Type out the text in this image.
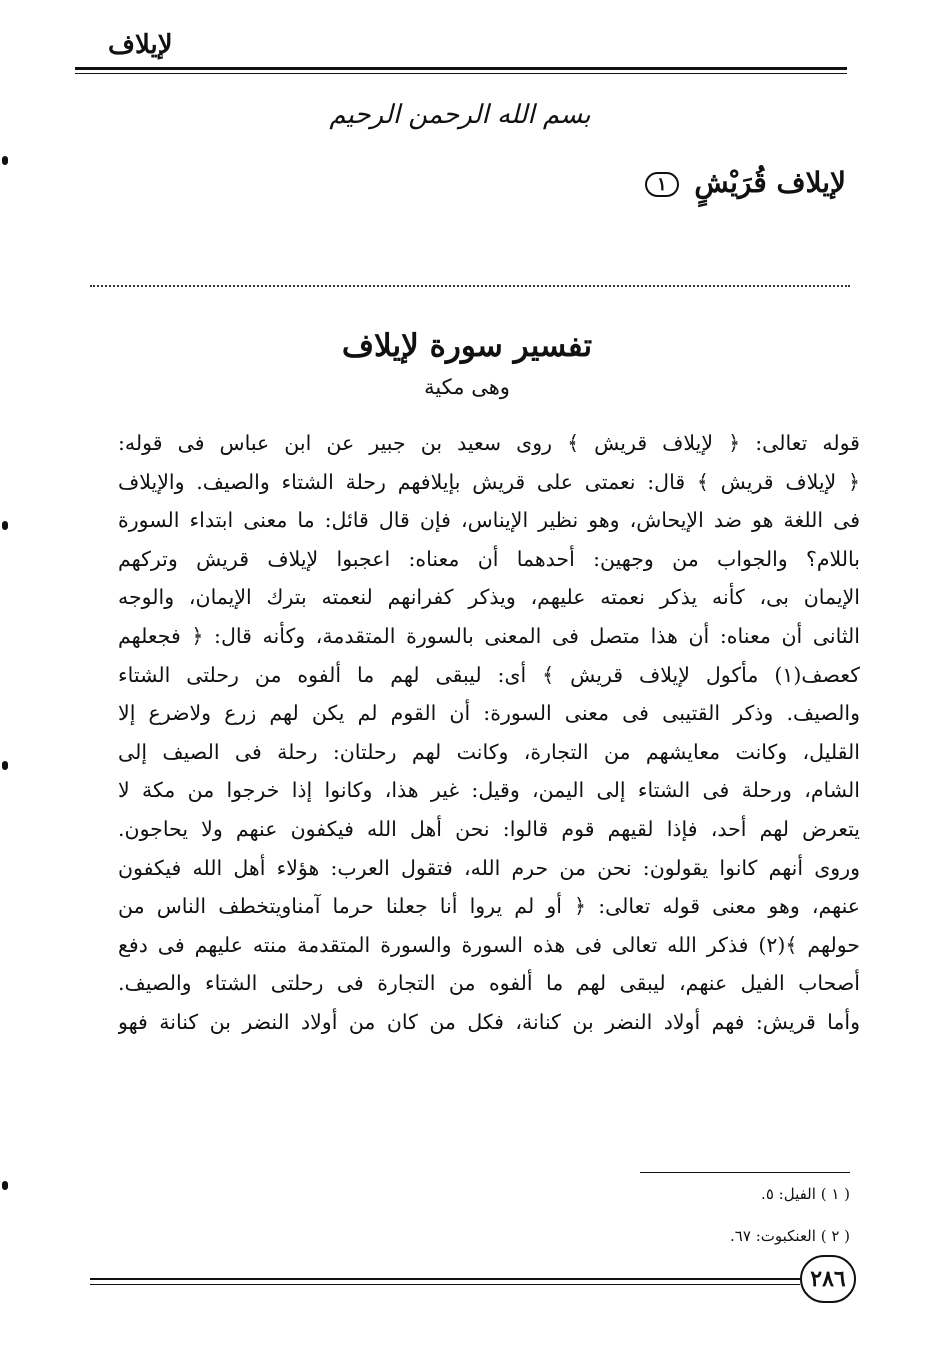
لإيلاف
بسم الله الرحمن الرحيم
لإيلاف قُرَيْشٍ ١
تفسير سورة لإيلاف
وهى مكية
قوله تعالى: ﴿ لإيلاف قريش ﴾ روى سعيد بن جبير عن ابن عباس فى قوله:
﴿ لإيلاف قريش ﴾ قال: نعمتى على قريش بإيلافهم رحلة الشتاء والصيف. والإيلاف
فى اللغة هو ضد الإيحاش، وهو نظير الإيناس، فإن قال قائل: ما معنى ابتداء السورة
باللام؟ والجواب من وجهين: أحدهما أن معناه: اعجبوا لإيلاف قريش وتركهم
الإيمان بى، كأنه يذكر نعمته عليهم، ويذكر كفرانهم لنعمته بترك الإيمان، والوجه
الثانى أن معناه: أن هذا متصل فى المعنى بالسورة المتقدمة، وكأنه قال: ﴿ فجعلهم
كعصف(١) مأكول لإيلاف قريش ﴾ أى: ليبقى لهم ما ألفوه من رحلتى الشتاء
والصيف. وذكر القتيبى فى معنى السورة: أن القوم لم يكن لهم زرع ولاضرع إلا
القليل، وكانت معايشهم من التجارة، وكانت لهم رحلتان: رحلة فى الصيف إلى
الشام، ورحلة فى الشتاء إلى اليمن، وقيل: غير هذا، وكانوا إذا خرجوا من مكة لا
يتعرض لهم أحد، فإذا لقيهم قوم قالوا: نحن أهل الله فيكفون عنهم ولا يحاجون.
وروى أنهم كانوا يقولون: نحن من حرم الله، فتقول العرب: هؤلاء أهل الله فيكفون
عنهم، وهو معنى قوله تعالى: ﴿ أو لم يروا أنا جعلنا حرما آمناويتخطف الناس من
حولهم ﴾(٢) فذكر الله تعالى فى هذه السورة والسورة المتقدمة منته عليهم فى دفع
أصحاب الفيل عنهم، ليبقى لهم ما ألفوه من التجارة فى رحلتى الشتاء والصيف.
وأما قريش: فهم أولاد النضر بن كنانة، فكل من كان من أولاد النضر بن كنانة فهو
( ١ ) الفيل: ٥.
( ٢ ) العنكبوت: ٦٧.
٢٨٦
